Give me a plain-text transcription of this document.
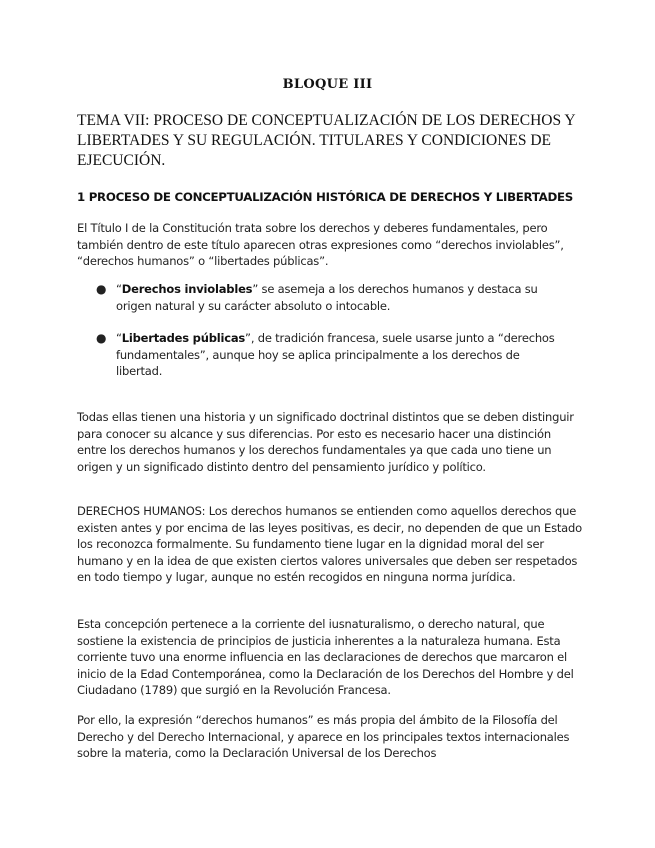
BLOQUE III
TEMA VII: PROCESO DE CONCEPTUALIZACIÓN DE LOS DERECHOS Y LIBERTADES Y SU REGULACIÓN. TITULARES Y CONDICIONES DE EJECUCIÓN.
1 PROCESO DE CONCEPTUALIZACIÓN HISTÓRICA DE DERECHOS Y LIBERTADES
El Título I de la Constitución trata sobre los derechos y deberes fundamentales, pero también dentro de este título aparecen otras expresiones como “derechos inviolables”, “derechos humanos” o “libertades públicas”.
● “Derechos inviolables” se asemeja a los derechos humanos y destaca su origen natural y su carácter absoluto o intocable.
● “Libertades públicas”, de tradición francesa, suele usarse junto a “derechos fundamentales”, aunque hoy se aplica principalmente a los derechos de libertad.
Todas ellas tienen una historia y un significado doctrinal distintos que se deben distinguir para conocer su alcance y sus diferencias. Por esto es necesario hacer una distinción entre los derechos humanos y los derechos fundamentales ya que cada uno tiene un origen y un significado distinto dentro del pensamiento jurídico y político.
DERECHOS HUMANOS: Los derechos humanos se entienden como aquellos derechos que existen antes y por encima de las leyes positivas, es decir, no dependen de que un Estado los reconozca formalmente. Su fundamento tiene lugar en la dignidad moral del ser humano y en la idea de que existen ciertos valores universales que deben ser respetados en todo tiempo y lugar, aunque no estén recogidos en ninguna norma jurídica.
Esta concepción pertenece a la corriente del iusnaturalismo, o derecho natural, que sostiene la existencia de principios de justicia inherentes a la naturaleza humana. Esta corriente tuvo una enorme influencia en las declaraciones de derechos que marcaron el inicio de la Edad Contemporánea, como la Declaración de los Derechos del Hombre y del Ciudadano (1789) que surgió en la Revolución Francesa.
Por ello, la expresión “derechos humanos” es más propia del ámbito de la Filosofía del Derecho y del Derecho Internacional, y aparece en los principales textos internacionales sobre la materia, como la Declaración Universal de los Derechos
